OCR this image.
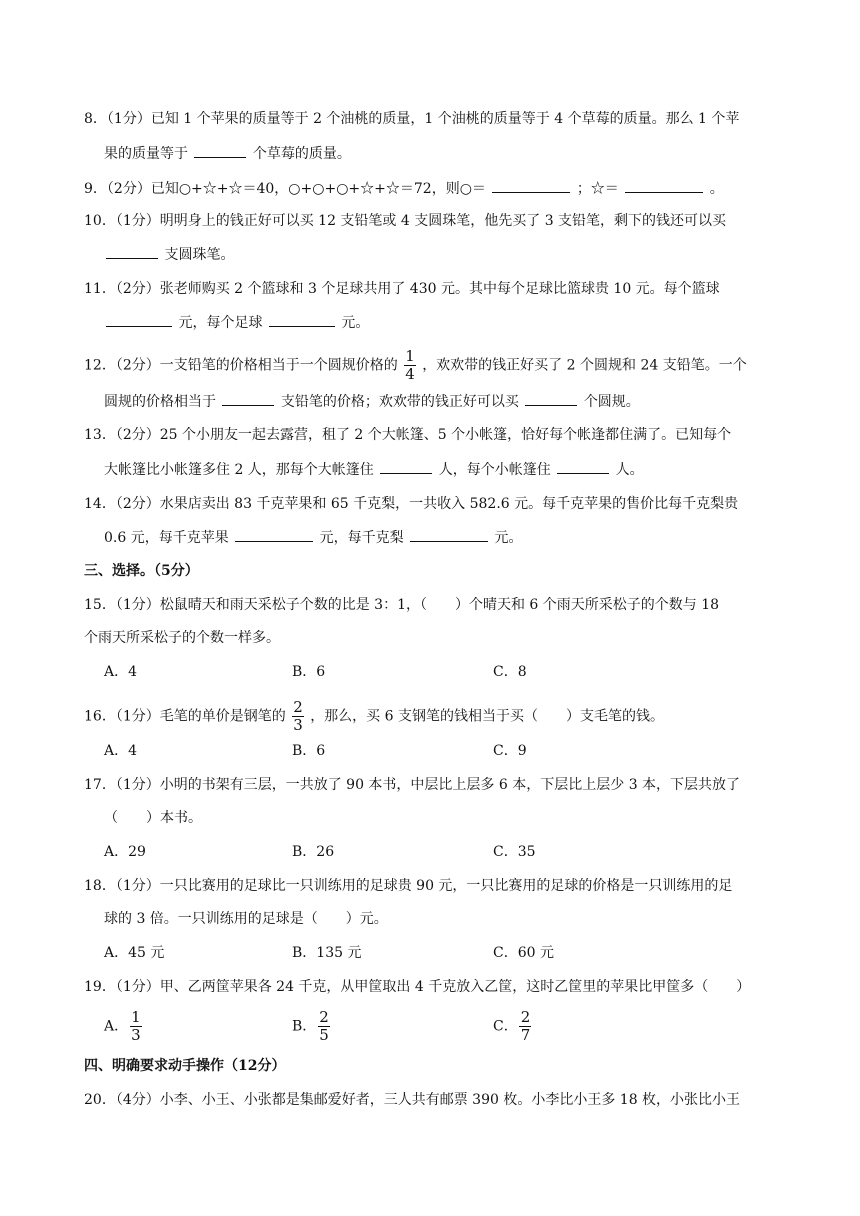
8．（1分）已知 1 个苹果的质量等于 2 个油桃的质量，1 个油桃的质量等于 4 个草莓的质量。那么 1 个苹
果的质量等于	个草莓的质量。
9．（2分）已知○+☆+☆＝40，○+○+○+☆+☆＝72，则○＝	；☆＝	。
10．（1分）明明身上的钱正好可以买 12 支铅笔或 4 支圆珠笔，他先买了 3 支铅笔，剩下的钱还可以买
支圆珠笔。
11．（2分）张老师购买 2 个篮球和 3 个足球共用了 430 元。其中每个足球比篮球贵 10 元。每个篮球
元，每个足球	元。
12．（2分）一支铅笔的价格相当于一个圆规价格的 $\frac{1}{4}$ ，欢欢带的钱正好买了 2 个圆规和 24 支铅笔。一个
圆规的价格相当于	支铅笔的价格；欢欢带的钱正好可以买	个圆规。
13．（2分）25 个小朋友一起去露营，租了 2 个大帐篷、5 个小帐篷，恰好每个帐逢都住满了。已知每个
大帐篷比小帐篷多住 2 人，那每个大帐篷住	人，每个小帐篷住	人。
14．（2分）水果店卖出 83 千克苹果和 65 千克梨，一共收入 582.6 元。每千克苹果的售价比每千克梨贵
0.6 元，每千克苹果	元，每千克梨	元。
三、选择。（5分）
15．（1分）松鼠晴天和雨天采松子个数的比是 3：1，（　　）个晴天和 6 个雨天所采松子的个数与 18
个雨天所采松子的个数一样多。
A．4	B．6	C．8
16．（1分）毛笔的单价是钢笔的 $\frac{2}{3}$ ，那么，买 6 支钢笔的钱相当于买（　　）支毛笔的钱。
A．4	B．6	C．9
17．（1分）小明的书架有三层，一共放了 90 本书，中层比上层多 6 本，下层比上层少 3 本，下层共放了
（　　）本书。
A．29	B．26	C．35
18．（1分）一只比赛用的足球比一只训练用的足球贵 90 元，一只比赛用的足球的价格是一只训练用的足
球的 3 倍。一只训练用的足球是（　　）元。
A．45 元	B．135 元	C．60 元
19．（1分）甲、乙两筐苹果各 24 千克，从甲筐取出 4 千克放入乙筐，这时乙筐里的苹果比甲筐多（　　）
A． $\frac{1}{3}$	B． $\frac{2}{5}$	C． $\frac{2}{7}$
四、明确要求动手操作（12分）
20．（4分）小李、小王、小张都是集邮爱好者，三人共有邮票 390 枚。小李比小王多 18 枚，小张比小王
